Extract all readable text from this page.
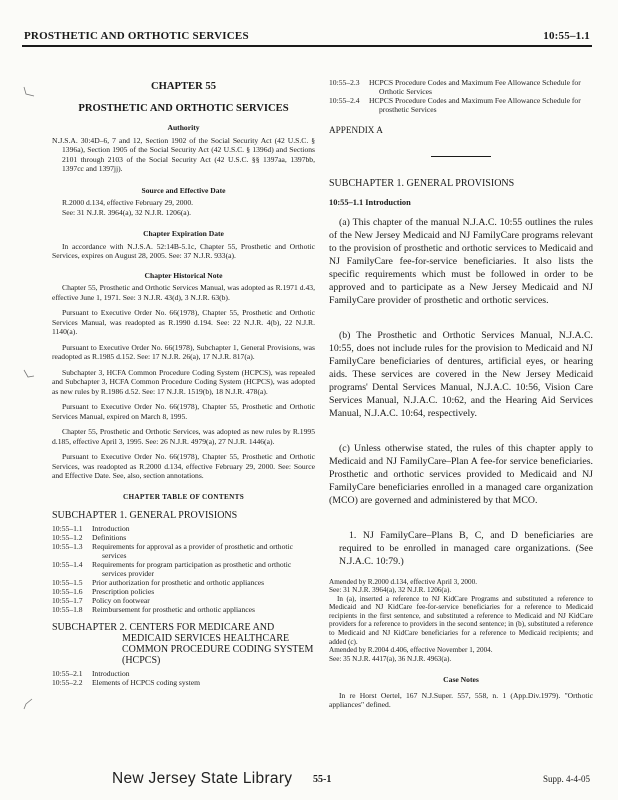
PROSTHETIC AND ORTHOTIC SERVICES	10:55–1.1
CHAPTER 55
PROSTHETIC AND ORTHOTIC SERVICES
Authority
N.J.S.A. 30:4D–6, 7 and 12, Section 1902 of the Social Security Act (42 U.S.C. § 1396a), Section 1905 of the Social Security Act (42 U.S.C. § 1396d) and Sections 2101 through 2103 of the Social Security Act (42 U.S.C. §§ 1397aa, 1397bb, 1397cc and 1397jj).
Source and Effective Date
R.2000 d.134, effective February 29, 2000.
See: 31 N.J.R. 3964(a), 32 N.J.R. 1206(a).
Chapter Expiration Date

In accordance with N.J.S.A. 52:14B-5.1c, Chapter 55, Prosthetic and Orthotic Services, expires on August 28, 2005. See: 37 N.J.R. 933(a).

Chapter Historical Note

Chapter 55, Prosthetic and Orthotic Services Manual, was adopted as R.1971 d.43, effective June 1, 1971. See: 3 N.J.R. 43(d), 3 N.J.R. 63(b).

Pursuant to Executive Order No. 66(1978), Chapter 55, Prosthetic and Orthotic Services Manual, was readopted as R.1990 d.194. See: 22 N.J.R. 4(b), 22 N.J.R. 1140(a).

Pursuant to Executive Order No. 66(1978), Subchapter 1, General Provisions, was readopted as R.1985 d.152. See: 17 N.J.R. 26(a), 17 N.J.R. 817(a).

Subchapter 3, HCFA Common Procedure Coding System (HCPCS), was repealed and Subchapter 3, HCFA Common Procedure Coding System (HCPCS), was adopted as new rules by R.1986 d.52. See: 17 N.J.R. 1519(b), 18 N.J.R. 478(a).

Pursuant to Executive Order No. 66(1978), Chapter 55, Prosthetic and Orthotic Services Manual, expired on March 8, 1995.

Chapter 55, Prosthetic and Orthotic Services, was adopted as new rules by R.1995 d.185, effective April 3, 1995. See: 26 N.J.R. 4979(a), 27 N.J.R. 1446(a).

Pursuant to Executive Order No. 66(1978), Chapter 55, Prosthetic and Orthotic Services, was readopted as R.2000 d.134, effective February 29, 2000. See: Source and Effective Date. See, also, section annotations.

CHAPTER TABLE OF CONTENTS
SUBCHAPTER 1. GENERAL PROVISIONS
10:55–1.1	Introduction
10:55–1.2	Definitions
10:55–1.3	Requirements for approval as a provider of prosthetic and orthotic services
10:55–1.4	Requirements for program participation as prosthetic and orthotic services provider
10:55–1.5	Prior authorization for prosthetic and orthotic appliances
10:55–1.6	Prescription policies
10:55–1.7	Policy on footwear
10:55–1.8	Reimbursement for prosthetic and orthotic appliances
SUBCHAPTER 2. CENTERS FOR MEDICARE AND MEDICAID SERVICES HEALTHCARE COMMON PROCEDURE CODING SYSTEM (HCPCS)
10:55–2.1	Introduction
10:55–2.2	Elements of HCPCS coding system
10:55–2.3	HCPCS Procedure Codes and Maximum Fee Allowance Schedule for Orthotic Services
10:55–2.4	HCPCS Procedure Codes and Maximum Fee Allowance Schedule for prosthetic Services
APPENDIX A
SUBCHAPTER 1. GENERAL PROVISIONS
10:55–1.1 Introduction

(a) This chapter of the manual N.J.A.C. 10:55 outlines the rules of the New Jersey Medicaid and NJ FamilyCare programs relevant to the provision of prosthetic and orthotic services to Medicaid and NJ FamilyCare fee-for-service beneficiaries. It also lists the specific requirements which must be followed in order to be approved and to participate as a New Jersey Medicaid and NJ FamilyCare provider of prosthetic and orthotic services.

(b) The Prosthetic and Orthotic Services Manual, N.J.A.C. 10:55, does not include rules for the provision to Medicaid and NJ FamilyCare beneficiaries of dentures, artificial eyes, or hearing aids. These services are covered in the New Jersey Medicaid programs' Dental Services Manual, N.J.A.C. 10:56, Vision Care Services Manual, N.J.A.C. 10:62, and the Hearing Aid Services Manual, N.J.A.C. 10:64, respectively.

(c) Unless otherwise stated, the rules of this chapter apply to Medicaid and NJ FamilyCare–Plan A fee-for service beneficiaries. Prosthetic and orthotic services provided to Medicaid and NJ FamilyCare beneficiaries enrolled in a managed care organization (MCO) are governed and administered by that MCO.

1. NJ FamilyCare–Plans B, C, and D beneficiaries are required to be enrolled in managed care organizations. (See N.J.A.C. 10:79.)

Amended by R.2000 d.134, effective April 3, 2000.

See: 31 N.J.R. 3964(a), 32 N.J.R. 1206(a).

In (a), inserted a reference to NJ KidCare Programs and substituted a reference to Medicaid and NJ KidCare fee-for-service beneficiaries for a reference to Medicaid recipients in the first sentence, and substituted a reference to Medicaid and NJ KidCare providers for a reference to providers in the second sentence; in (b), substituted a reference to Medicaid and NJ KidCare beneficiaries for a reference to Medicaid recipients; and added (c).

Amended by R.2004 d.406, effective November 1, 2004.

See: 35 N.J.R. 4417(a), 36 N.J.R. 4963(a).

Case Notes

In re Horst Oertel, 167 N.J.Super. 557, 558, n. 1 (App.Div.1979). "Orthotic appliances" defined.

New Jersey State Library 55-1	Supp. 4-4-05
